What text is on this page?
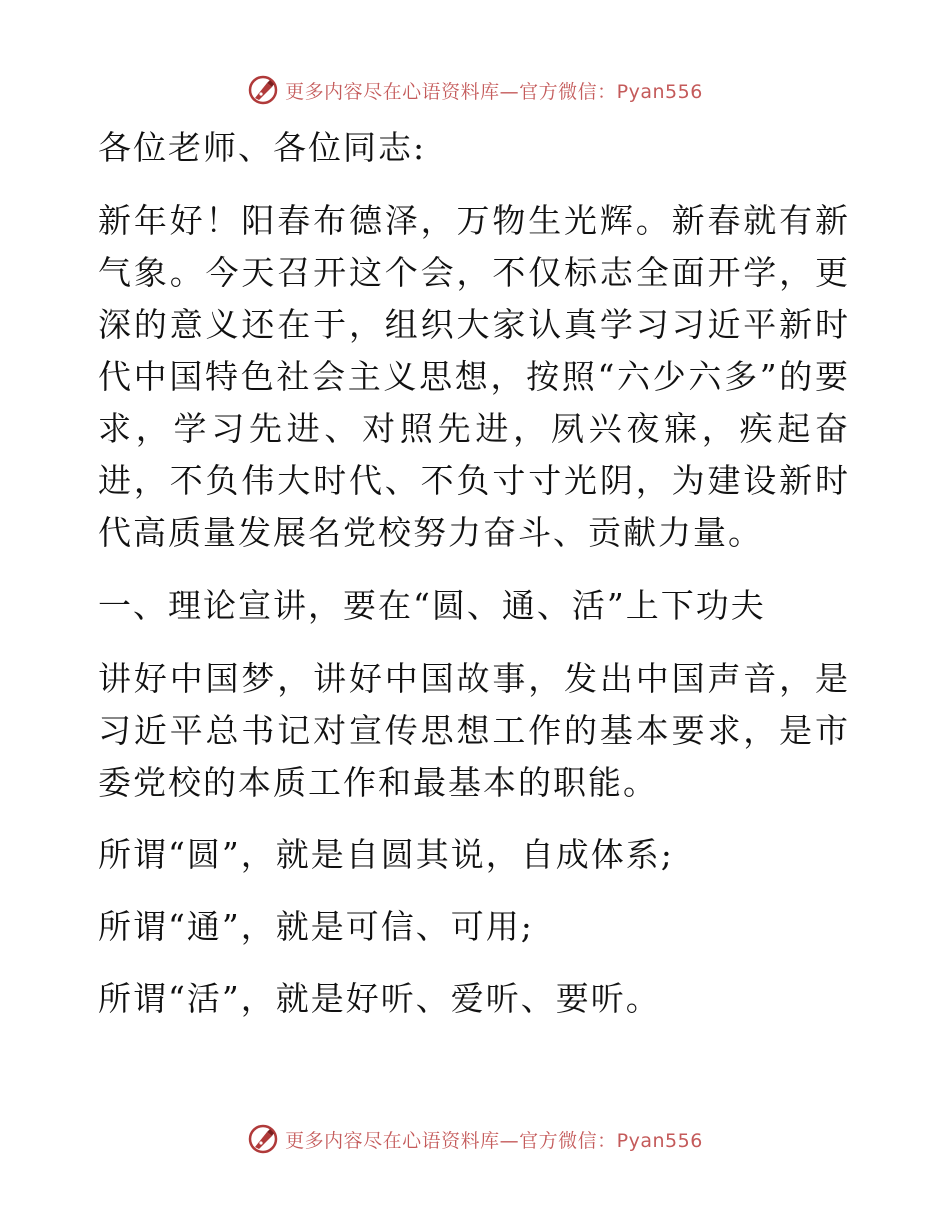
更多内容尽在心语资料库—官方微信：Pyan556

各位老师、各位同志:

新年好！阳春布德泽，万物生光辉。新春就有新气象。今天召开这个会，不仅标志全面开学，更深的意义还在于，组织大家认真学习习近平新时代中国特色社会主义思想，按照“六少六多”的要求，学习先进、对照先进，夙兴夜寐，疾起奋进，不负伟大时代、不负寸寸光阴，为建设新时代高质量发展名党校努力奋斗、贡献力量。

一、理论宣讲，要在“圆、通、活”上下功夫

讲好中国梦，讲好中国故事，发出中国声音，是习近平总书记对宣传思想工作的基本要求，是市委党校的本质工作和最基本的职能。

所谓“圆”，就是自圆其说，自成体系;

所谓“通”，就是可信、可用;

所谓“活”，就是好听、爱听、要听。

更多内容尽在心语资料库—官方微信：Pyan556
